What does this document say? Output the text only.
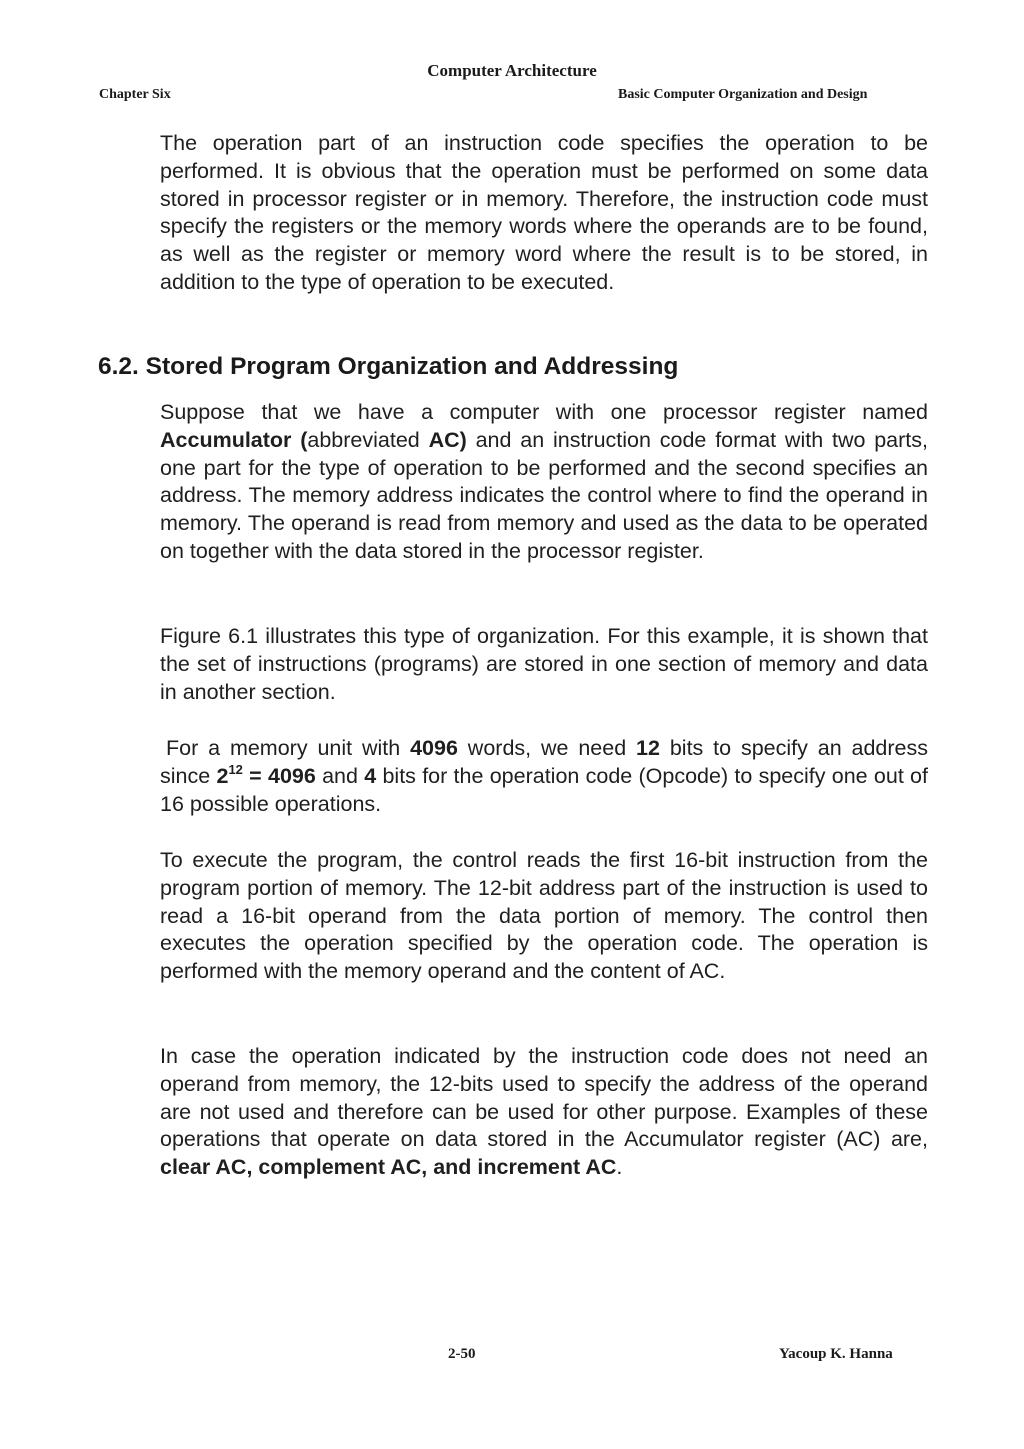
Computer Architecture
Chapter Six	Basic Computer Organization and Design

The operation part of an instruction code specifies the operation to be performed. It is obvious that the operation must be performed on some data stored in processor register or in memory. Therefore, the instruction code must specify the registers or the memory words where the operands are to be found, as well as the register or memory word where the result is to be stored, in addition to the type of operation to be executed.

6.2. Stored Program Organization and Addressing

Suppose that we have a computer with one processor register named Accumulator (abbreviated AC) and an instruction code format with two parts, one part for the type of operation to be performed and the second specifies an address. The memory address indicates the control where to find the operand in memory. The operand is read from memory and used as the data to be operated on together with the data stored in the processor register.

Figure 6.1 illustrates this type of organization. For this example, it is shown that the set of instructions (programs) are stored in one section of memory and data in another section.

For a memory unit with 4096 words, we need 12 bits to specify an address since $2^{12} = 4096$ and 4 bits for the operation code (Opcode) to specify one out of 16 possible operations.

To execute the program, the control reads the first 16-bit instruction from the program portion of memory. The 12-bit address part of the instruction is used to read a 16-bit operand from the data portion of memory. The control then executes the operation specified by the operation code. The operation is performed with the memory operand and the content of AC.

In case the operation indicated by the instruction code does not need an operand from memory, the 12-bits used to specify the address of the operand are not used and therefore can be used for other purpose. Examples of these operations that operate on data stored in the Accumulator register (AC) are, clear AC, complement AC, and increment AC.

2-50	Yacoup K. Hanna
